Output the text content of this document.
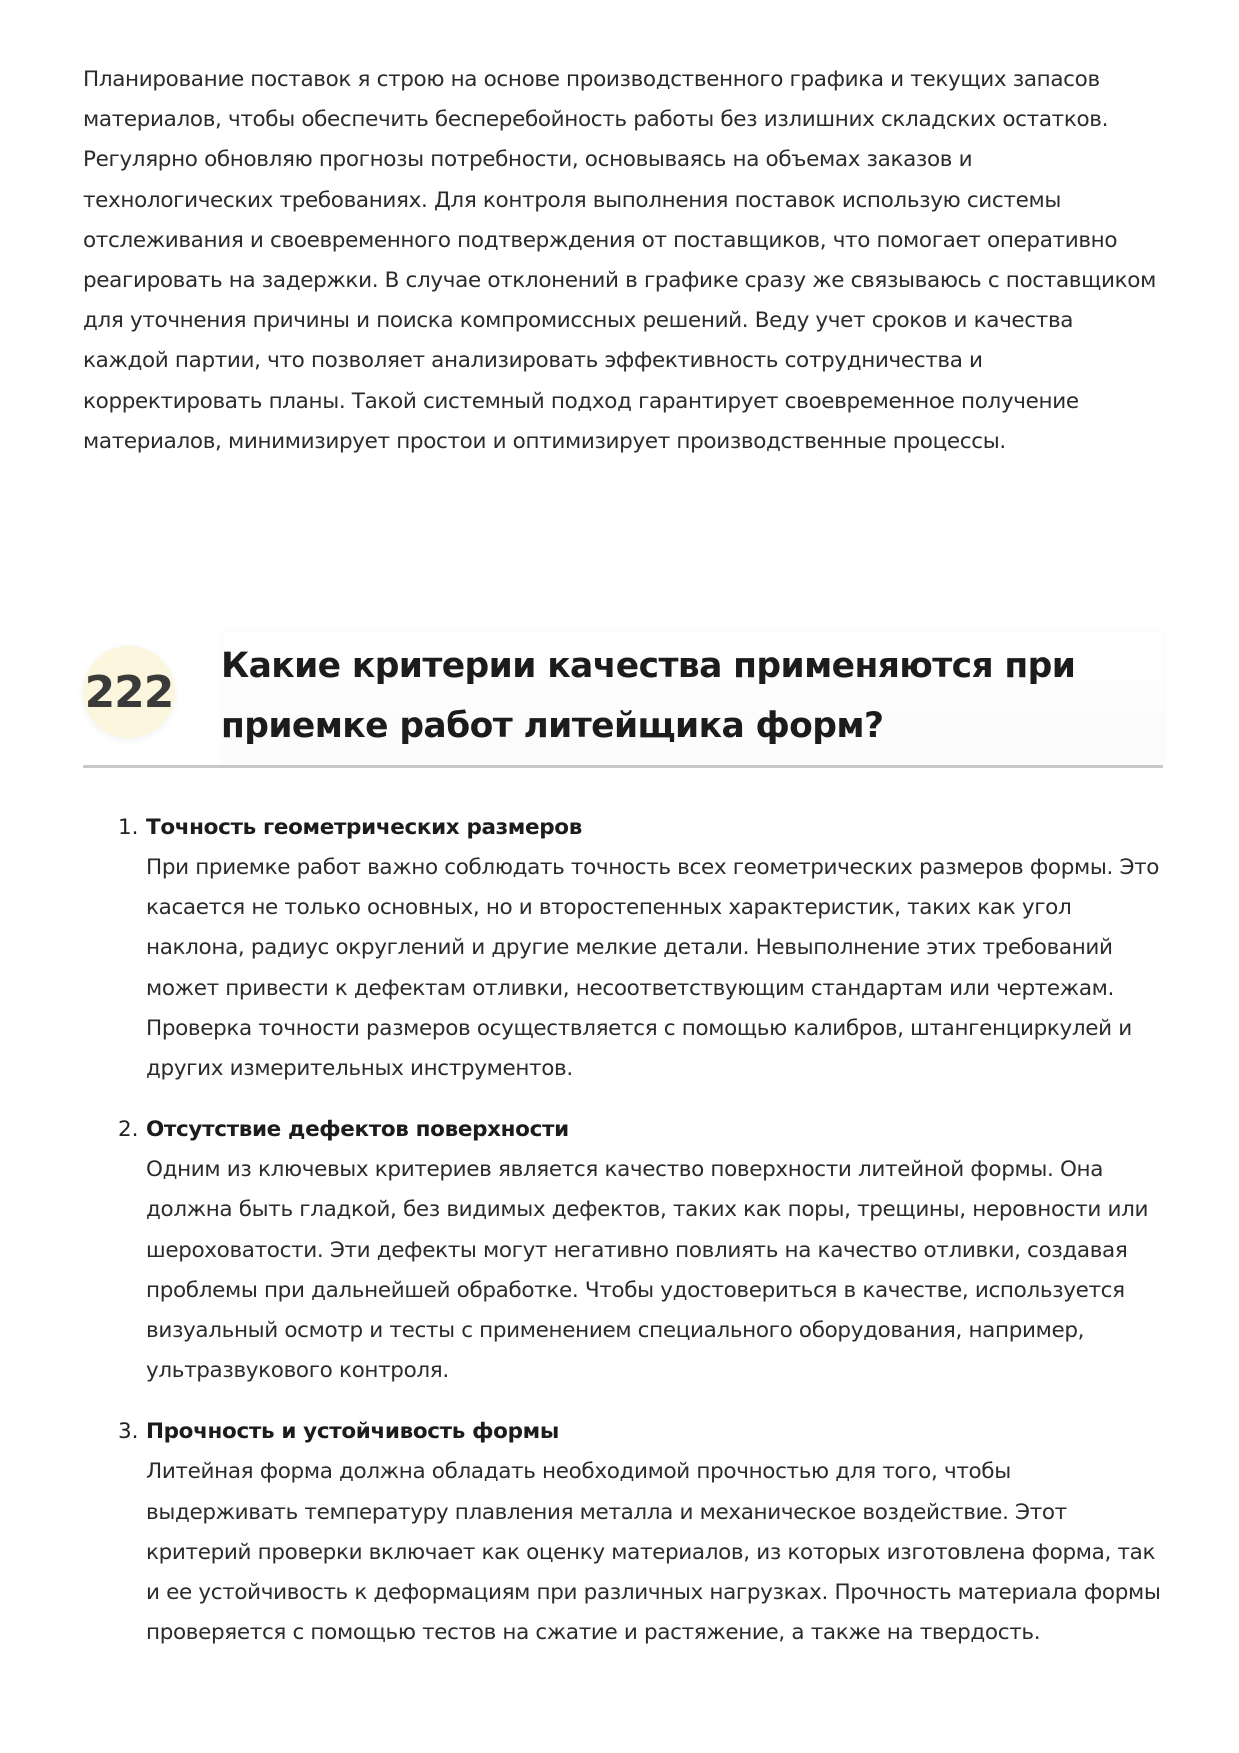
Планирование поставок я строю на основе производственного графика и текущих запасов материалов, чтобы обеспечить бесперебойность работы без излишних складских остатков. Регулярно обновляю прогнозы потребности, основываясь на объемах заказов и технологических требованиях. Для контроля выполнения поставок использую системы отслеживания и своевременного подтверждения от поставщиков, что помогает оперативно реагировать на задержки. В случае отклонений в графике сразу же связываюсь с поставщиком для уточнения причины и поиска компромиссных решений. Веду учет сроков и качества каждой партии, что позволяет анализировать эффективность сотрудничества и корректировать планы. Такой системный подход гарантирует своевременное получение материалов, минимизирует простои и оптимизирует производственные процессы.

222
Какие критерии качества применяются при приемке работ литейщика форм?
1. Точность геометрических размеров
При приемке работ важно соблюдать точность всех геометрических размеров формы. Это касается не только основных, но и второстепенных характеристик, таких как угол наклона, радиус округлений и другие мелкие детали. Невыполнение этих требований может привести к дефектам отливки, несоответствующим стандартам или чертежам. Проверка точности размеров осуществляется с помощью калибров, штангенциркулей и других измерительных инструментов.
2. Отсутствие дефектов поверхности
Одним из ключевых критериев является качество поверхности литейной формы. Она должна быть гладкой, без видимых дефектов, таких как поры, трещины, неровности или шероховатости. Эти дефекты могут негативно повлиять на качество отливки, создавая проблемы при дальнейшей обработке. Чтобы удостовериться в качестве, используется визуальный осмотр и тесты с применением специального оборудования, например, ультразвукового контроля.
3. Прочность и устойчивость формы
Литейная форма должна обладать необходимой прочностью для того, чтобы выдерживать температуру плавления металла и механическое воздействие. Этот критерий проверки включает как оценку материалов, из которых изготовлена форма, так и ее устойчивость к деформациям при различных нагрузках. Прочность материала формы проверяется с помощью тестов на сжатие и растяжение, а также на твердость.
